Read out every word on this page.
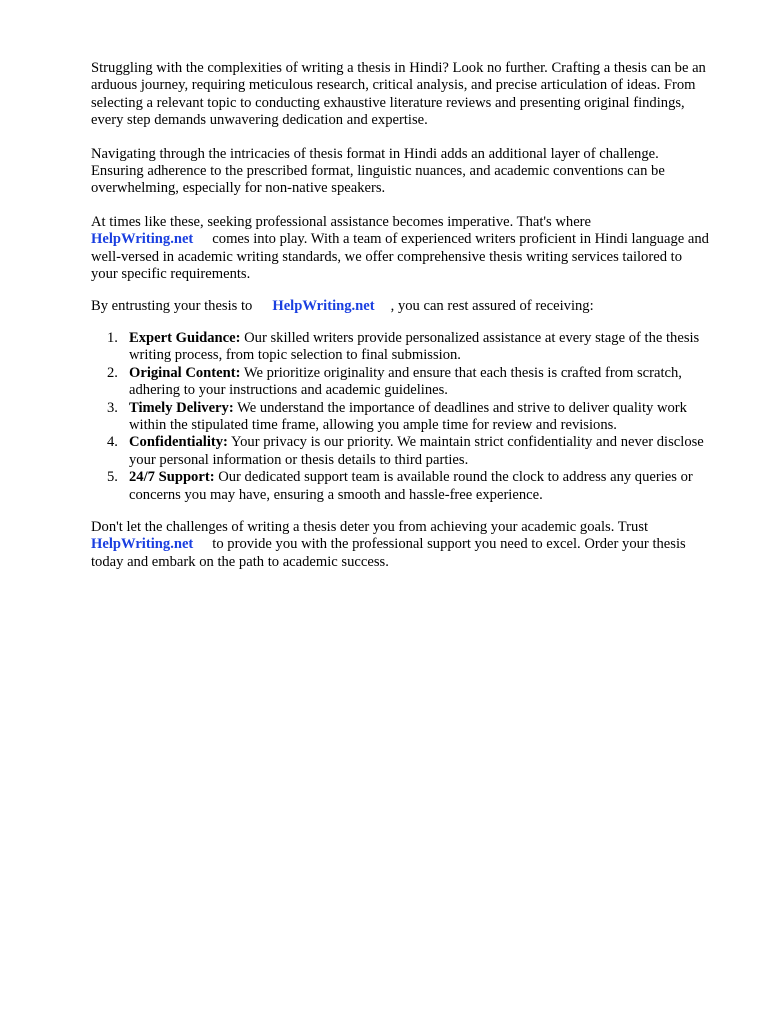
Struggling with the complexities of writing a thesis in Hindi? Look no further. Crafting a thesis can be an arduous journey, requiring meticulous research, critical analysis, and precise articulation of ideas. From selecting a relevant topic to conducting exhaustive literature reviews and presenting original findings, every step demands unwavering dedication and expertise.

Navigating through the intricacies of thesis format in Hindi adds an additional layer of challenge. Ensuring adherence to the prescribed format, linguistic nuances, and academic conventions can be overwhelming, especially for non-native speakers.

At times like these, seeking professional assistance becomes imperative. That's where
HelpWriting.net comes into play. With a team of experienced writers proficient in Hindi language and well-versed in academic writing standards, we offer comprehensive thesis writing services tailored to your specific requirements.

By entrusting your thesis to HelpWriting.net , you can rest assured of receiving:

1. Expert Guidance: Our skilled writers provide personalized assistance at every stage of the thesis writing process, from topic selection to final submission.
2. Original Content: We prioritize originality and ensure that each thesis is crafted from scratch, adhering to your instructions and academic guidelines.
3. Timely Delivery: We understand the importance of deadlines and strive to deliver quality work within the stipulated time frame, allowing you ample time for review and revisions.
4. Confidentiality: Your privacy is our priority. We maintain strict confidentiality and never disclose your personal information or thesis details to third parties.
5. 24/7 Support: Our dedicated support team is available round the clock to address any queries or concerns you may have, ensuring a smooth and hassle-free experience.

Don't let the challenges of writing a thesis deter you from achieving your academic goals. Trust
HelpWriting.net to provide you with the professional support you need to excel. Order your thesis today and embark on the path to academic success.
